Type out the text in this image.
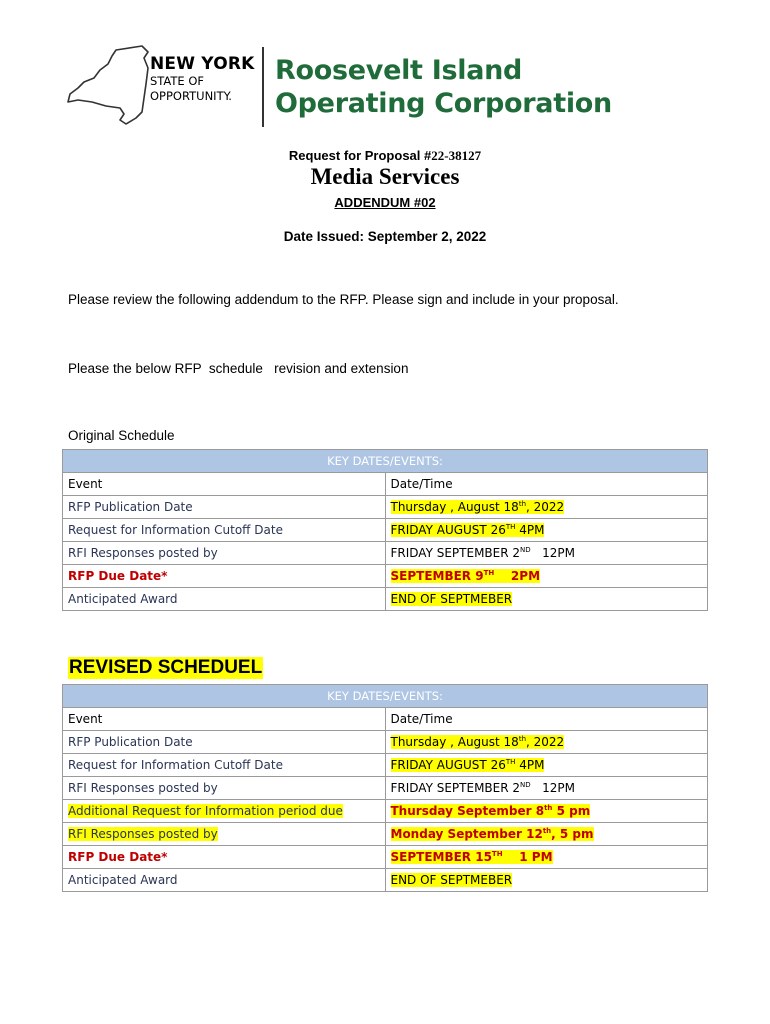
NEW YORK
STATE OF
OPPORTUNITY.
Roosevelt Island
Operating Corporation
Request for Proposal #22-38127
Media Services
ADDENDUM #02
Date Issued: September 2, 2022
Please review the following addendum to the RFP. Please sign and include in your proposal.
Please the below RFP  schedule   revision and extension
Original Schedule
KEY DATES/EVENTS:	
Event	Date/Time
RFP Publication Date	Thursday , August 18th, 2022
Request for Information Cutoff Date	FRIDAY AUGUST 26TH 4PM
RFI Responses posted by	FRIDAY SEPTEMBER 2ND   12PM
RFP Due Date*	SEPTEMBER 9TH    2PM
Anticipated Award	END OF SEPTMEBER
REVISED SCHEDUEL
KEY DATES/EVENTS:	
Event	Date/Time
RFP Publication Date	Thursday , August 18th, 2022
Request for Information Cutoff Date	FRIDAY AUGUST 26TH 4PM
RFI Responses posted by	FRIDAY SEPTEMBER 2ND   12PM
Additional Request for Information period due	Thursday September 8th 5 pm
RFI Responses posted by	Monday September 12th, 5 pm
RFP Due Date*	SEPTEMBER 15TH    1 PM
Anticipated Award	END OF SEPTMEBER
